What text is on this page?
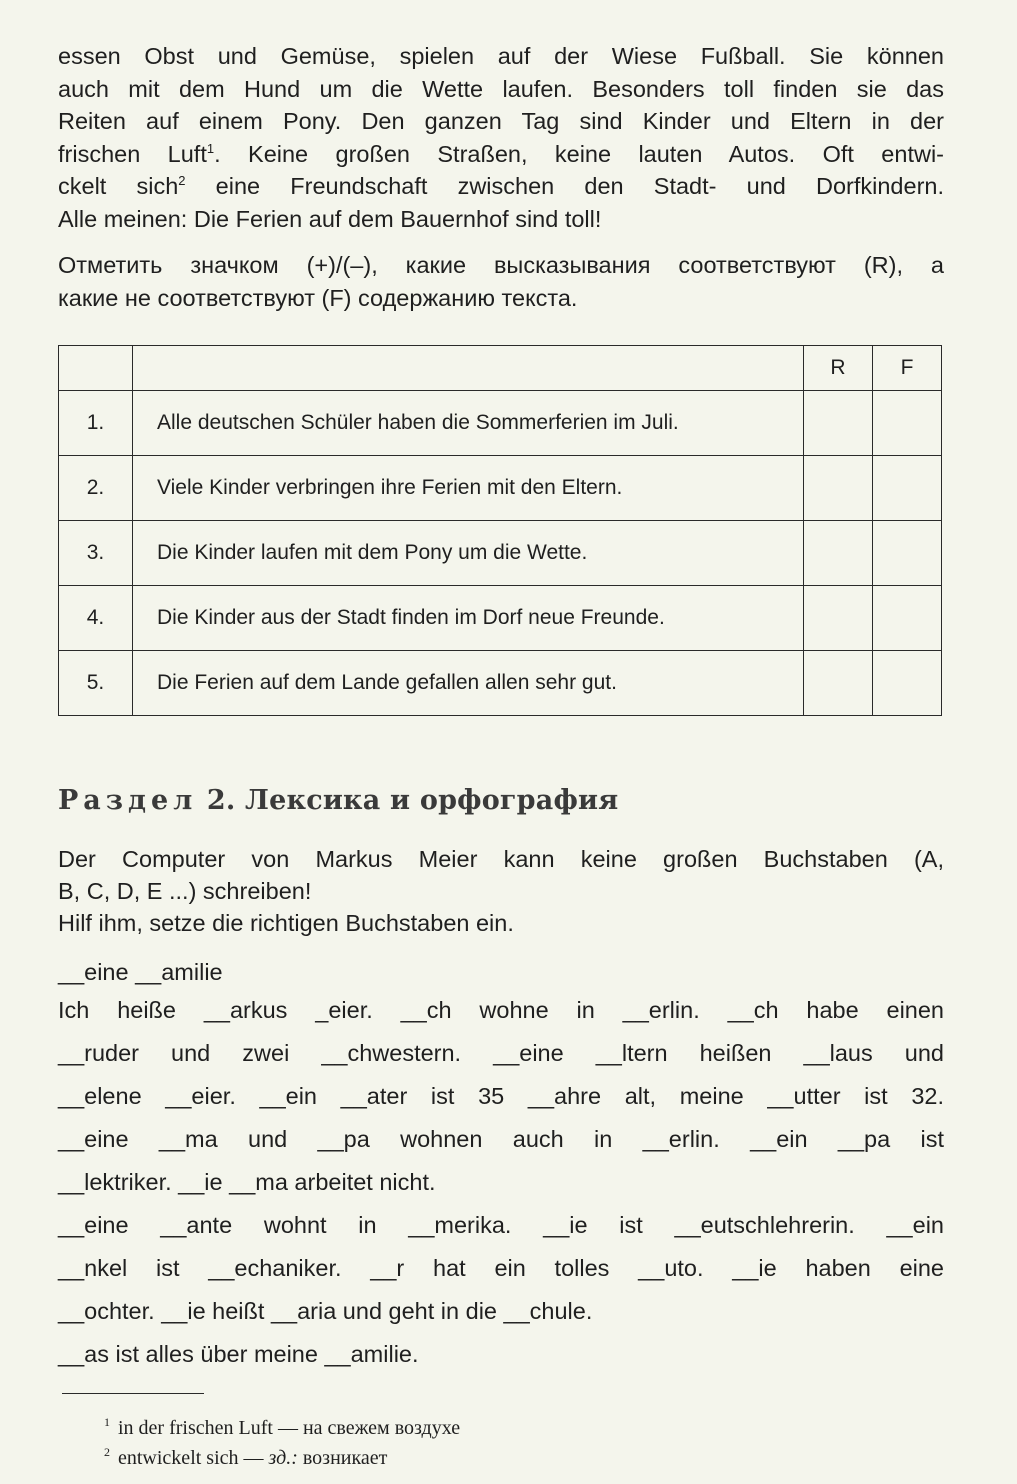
essen Obst und Gemüse, spielen auf der Wiese Fußball. Sie können
auch mit dem Hund um die Wette laufen. Besonders toll finden sie das
Reiten auf einem Pony. Den ganzen Tag sind Kinder und Eltern in der
frischen Luft$^1$. Keine großen Straßen, keine lauten Autos. Oft entwi-
ckelt sich$^2$ eine Freundschaft zwischen den Stadt- und Dorfkindern.
Alle meinen: Die Ferien auf dem Bauernhof sind toll!
Отметить значком (+)/(–), какие высказывания соответствуют (R), а
какие не соответствуют (F) содержанию текста.
		R	F
1.	Alle deutschen Schüler haben die Sommerferien im Juli.		
2.	Viele Kinder verbringen ihre Ferien mit den Eltern.		
3.	Die Kinder laufen mit dem Pony um die Wette.		
4.	Die Kinder aus der Stadt finden im Dorf neue Freunde.		
5.	Die Ferien auf dem Lande gefallen allen sehr gut.		
Раздел 2. Лексика и орфография
Der Computer von Markus Meier kann keine großen Buchstaben (A,
B, C, D, E ...) schreiben!
Hilf ihm, setze die richtigen Buchstaben ein.
__eine __amilie
Ich heiße __arkus _eier. __ch wohne in __erlin. __ch habe einen
__ruder und zwei __chwestern. __eine __ltern heißen __laus und
__elene __eier. __ein __ater ist 35 __ahre alt, meine __utter ist 32.
__eine __ma und __pa wohnen auch in __erlin. __ein __pa ist
__lektriker. __ie __ma arbeitet nicht.
__eine __ante wohnt in __merika. __ie ist __eutschlehrerin. __ein
__nkel ist __echaniker. __r hat ein tolles __uto. __ie haben eine
__ochter. __ie heißt __aria und geht in die __chule.
__as ist alles über meine __amilie.
$^1$ in der frischen Luft — на свежем воздухе
$^2$ entwickelt sich — зд.: возникает
